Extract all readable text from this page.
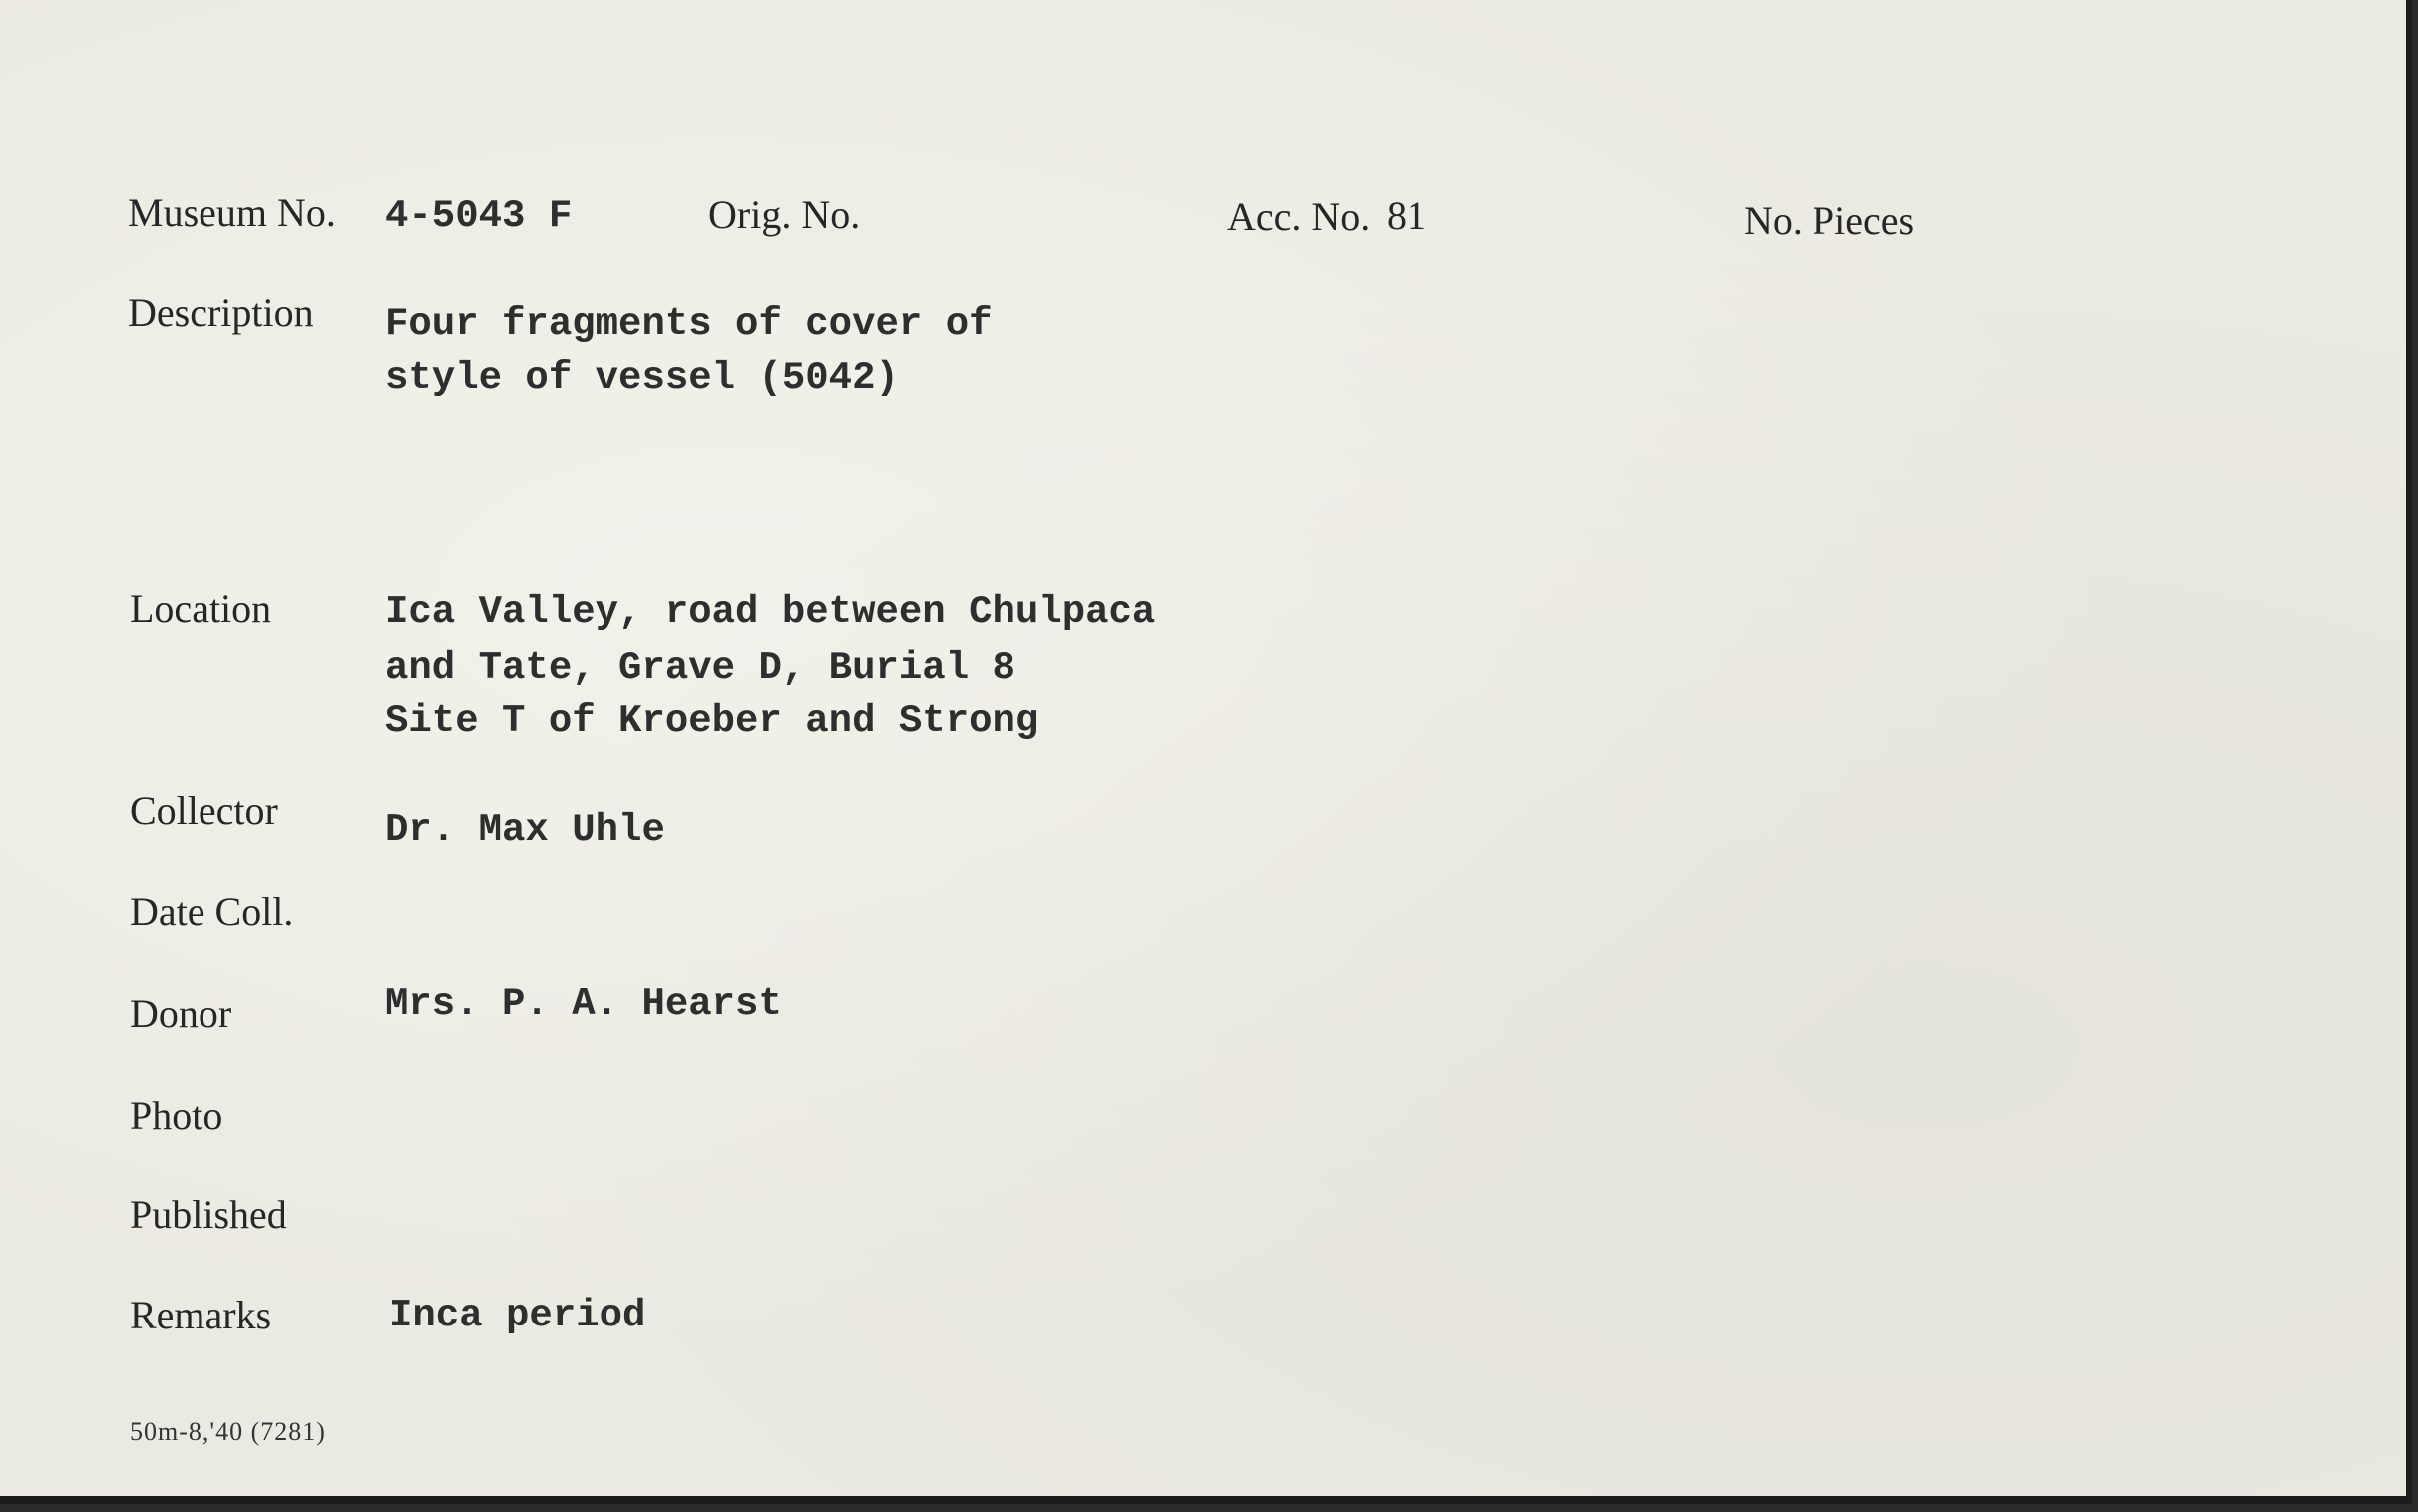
Museum No. 4-5043 F	Orig. No.	Acc. No. 81	No. Pieces
Description Four fragments of cover of
style of vessel (5042)
Location	Ica Valley, road between Chulpaca
and Tate, Grave D, Burial 8
Site T of Kroeber and Strong
Collector	Dr. Max Uhle
Date Coll.
Donor	Mrs. P. A. Hearst
Photo
Published
Remarks	Inca period
50m-8,'40 (7281)
